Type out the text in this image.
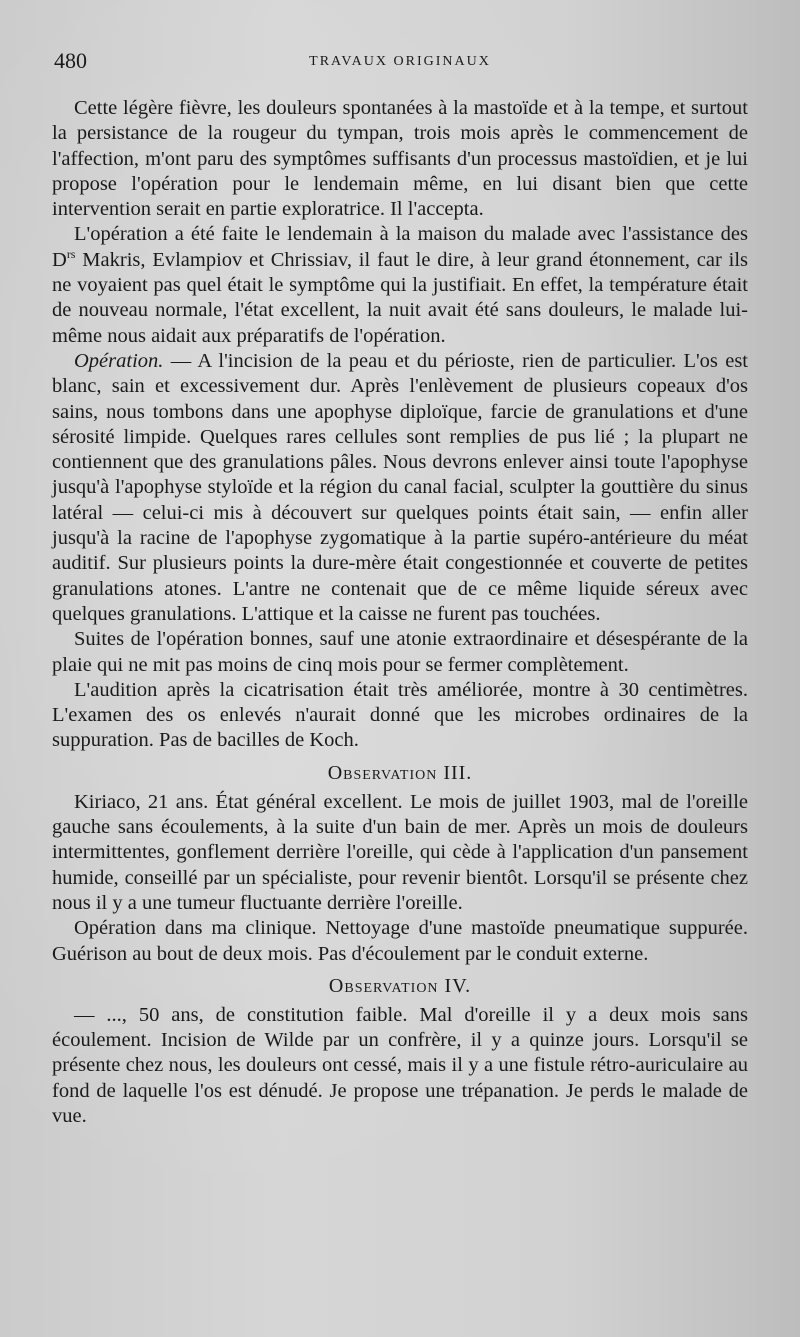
480	TRAVAUX ORIGINAUX

Cette légère fièvre, les douleurs spontanées à la mastoïde et à la tempe, et surtout la persistance de la rougeur du tympan, trois mois après le commencement de l'affection, m'ont paru des symptômes suffisants d'un processus mastoïdien, et je lui propose l'opération pour le lendemain même, en lui disant bien que cette intervention serait en partie exploratrice. Il l'accepta.

L'opération a été faite le lendemain à la maison du malade avec l'assistance des $D^{rs}$ Makris, Evlampiov et Chrissiav, il faut le dire, à leur grand étonnement, car ils ne voyaient pas quel était le symptôme qui la justifiait. En effet, la température était de nouveau normale, l'état excellent, la nuit avait été sans douleurs, le malade lui-même nous aidait aux préparatifs de l'opération.

Opération. — A l'incision de la peau et du périoste, rien de particulier. L'os est blanc, sain et excessivement dur. Après l'enlèvement de plusieurs copeaux d'os sains, nous tombons dans une apophyse diploïque, farcie de granulations et d'une sérosité limpide. Quelques rares cellules sont remplies de pus lié ; la plupart ne contiennent que des granulations pâles. Nous devrons enlever ainsi toute l'apophyse jusqu'à l'apophyse styloïde et la région du canal facial, sculpter la gouttière du sinus latéral — celui-ci mis à découvert sur quelques points était sain, — enfin aller jusqu'à la racine de l'apophyse zygomatique à la partie supéro-antérieure du méat auditif. Sur plusieurs points la dure-mère était congestionnée et couverte de petites granulations atones. L'antre ne contenait que de ce même liquide séreux avec quelques granulations. L'attique et la caisse ne furent pas touchées.

Suites de l'opération bonnes, sauf une atonie extraordinaire et désespérante de la plaie qui ne mit pas moins de cinq mois pour se fermer complètement.

L'audition après la cicatrisation était très améliorée, montre à 30 centimètres. L'examen des os enlevés n'aurait donné que les microbes ordinaires de la suppuration. Pas de bacilles de Koch.

Observation III.

Kiriaco, 21 ans. État général excellent. Le mois de juillet 1903, mal de l'oreille gauche sans écoulements, à la suite d'un bain de mer. Après un mois de douleurs intermittentes, gonflement derrière l'oreille, qui cède à l'application d'un pansement humide, conseillé par un spécialiste, pour revenir bientôt. Lorsqu'il se présente chez nous il y a une tumeur fluctuante derrière l'oreille.

Opération dans ma clinique. Nettoyage d'une mastoïde pneumatique suppurée. Guérison au bout de deux mois. Pas d'écoulement par le conduit externe.

Observation IV.

— ..., 50 ans, de constitution faible. Mal d'oreille il y a deux mois sans écoulement. Incision de Wilde par un confrère, il y a quinze jours. Lorsqu'il se présente chez nous, les douleurs ont cessé, mais il y a une fistule rétro-auriculaire au fond de laquelle l'os est dénudé. Je propose une trépanation. Je perds le malade de vue.
